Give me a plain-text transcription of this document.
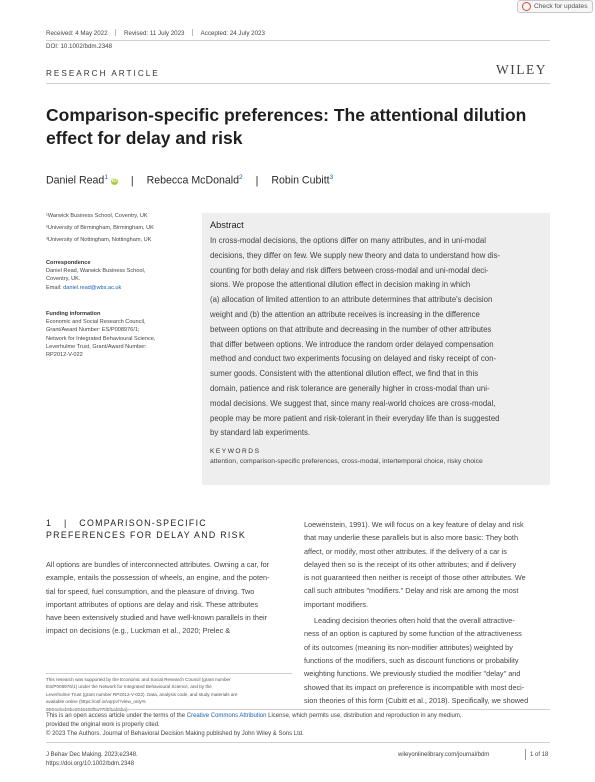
Check for updates
Received: 4 May 2022	Revised: 11 July 2023	Accepted: 24 July 2023
DOI: 10.1002/bdm.2348
RESEARCH ARTICLE	WILEY
Comparison-specific preferences: The attentional dilution
effect for delay and risk
Daniel Read$^1$ iD | Rebecca McDonald$^2$ | Robin Cubitt$^3$
¹Warwick Business School, Coventry, UK
²University of Birmingham, Birmingham, UK
³University of Nottingham, Nottingham, UK
Correspondence
Daniel Read, Warwick Business School,
Coventry, UK.
Email: daniel.read@wbs.ac.uk
Funding information
Economic and Social Research Council,
Grant/Award Number: ES/P008976/1;
Network for Integrated Behavioural Science,
Leverhulme Trust, Grant/Award Number:
RP2012-V-022
Abstract
In cross-modal decisions, the options differ on many attributes, and in uni-modal
decisions, they differ on few. We supply new theory and data to understand how dis-
counting for both delay and risk differs between cross-modal and uni-modal deci-
sions. We propose the attentional dilution effect in decision making in which
(a) allocation of limited attention to an attribute determines that attribute's decision
weight and (b) the attention an attribute receives is increasing in the difference
between options on that attribute and decreasing in the number of other attributes
that differ between options. We introduce the random order delayed compensation
method and conduct two experiments focusing on delayed and risky receipt of con-
sumer goods. Consistent with the attentional dilution effect, we find that in this
domain, patience and risk tolerance are generally higher in cross-modal than uni-
modal decisions. We suggest that, since many real-world choices are cross-modal,
people may be more patient and risk-tolerant in their everyday life than is suggested
by standard lab experiments.
KEYWORDS
attention, comparison-specific preferences, cross-modal, intertemporal choice, risky choice
1 | COMPARISON-SPECIFIC
PREFERENCES FOR DELAY AND RISK
All options are bundles of interconnected attributes. Owning a car, for
example, entails the possession of wheels, an engine, and the poten-
tial for speed, fuel consumption, and the pleasure of driving. Two
important attributes of options are delay and risk. These attributes
have been extensively studied and have well-known parallels in their
impact on decisions (e.g., Luckman et al., 2020; Prelec &
This research was supported by the Economic and Social Research Council (grant number
ES/P008976/1) under the Network for Integrated Behavioural Science, and by the
Leverhulme Trust (grant number RP2012-V-022). Data, analysis code, and study materials are
available online (https://osf.io/vqrpv/?view_only%
3D04ebeb9be8045108f8a778bf1ab6ba).
Loewenstein, 1991). We will focus on a key feature of delay and risk
that may underlie these parallels but is also more basic: They both
affect, or modify, most other attributes. If the delivery of a car is
delayed then so is the receipt of its other attributes; and if delivery
is not guaranteed then neither is receipt of those other attributes. We
call such attributes "modifiers." Delay and risk are among the most
important modifiers.
Leading decision theories often hold that the overall attractive-
ness of an option is captured by some function of the attractiveness
of its outcomes (meaning its non-modifier attributes) weighted by
functions of the modifiers, such as discount functions or probability
weighting functions. We previously studied the modifier "delay" and
showed that its impact on preference is incompatible with most deci-
sion theories of this form (Cubitt et al., 2018). Specifically, we showed
This is an open access article under the terms of the Creative Commons Attribution License, which permits use, distribution and reproduction in any medium,
provided the original work is properly cited.
© 2023 The Authors. Journal of Behavioral Decision Making published by John Wiley & Sons Ltd.
J Behav Dec Making. 2023;e2348.
https://doi.org/10.1002/bdm.2348
wileyonlinelibrary.com/journal/bdm	1 of 18
